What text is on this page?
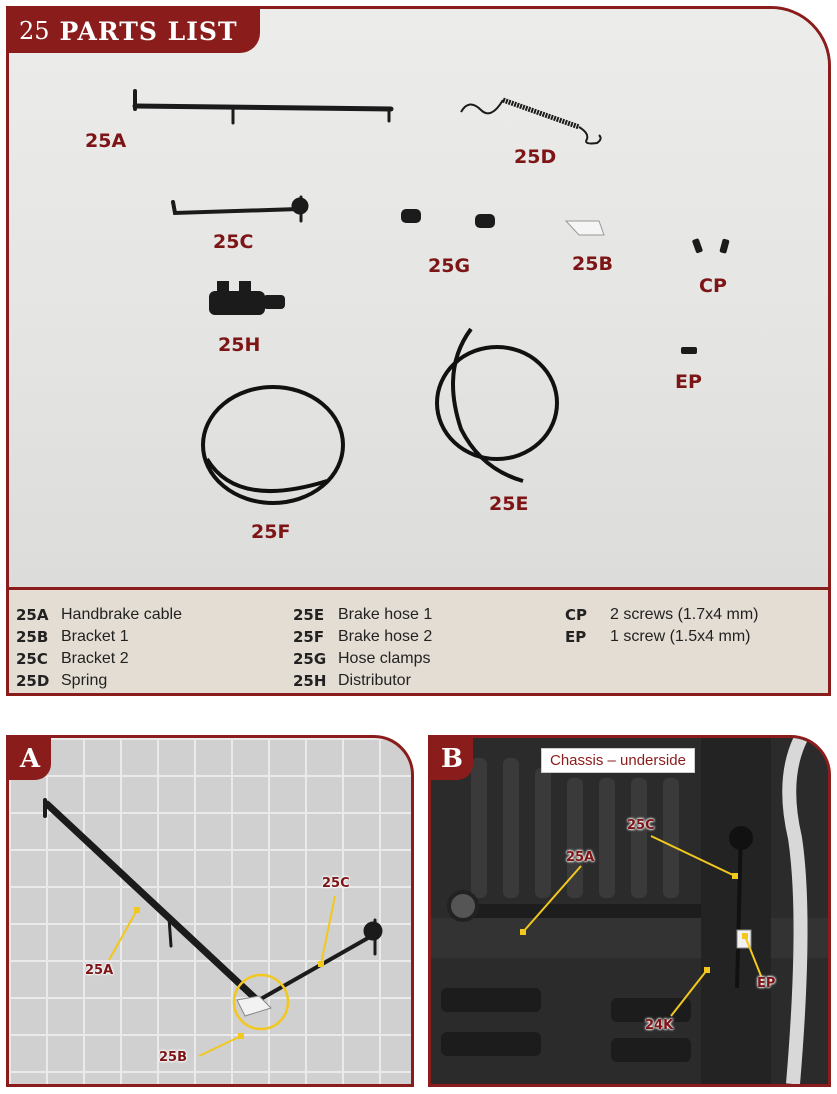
25A
25D
25C
25G	25B
CP
25H
EP
25E
25F
25 PARTS LIST
25A Handbrake cable
25B Bracket 1
25C Bracket 2
25D Spring
25E Brake hose 1
25F Brake hose 2
25G Hose clamps
25H Distributor
CP	2 screws (1.7x4 mm)
EP	1 screw (1.5x4 mm)
A
25A
25C
25B
B	Chassis – underside
25A
25C
EP
24K
